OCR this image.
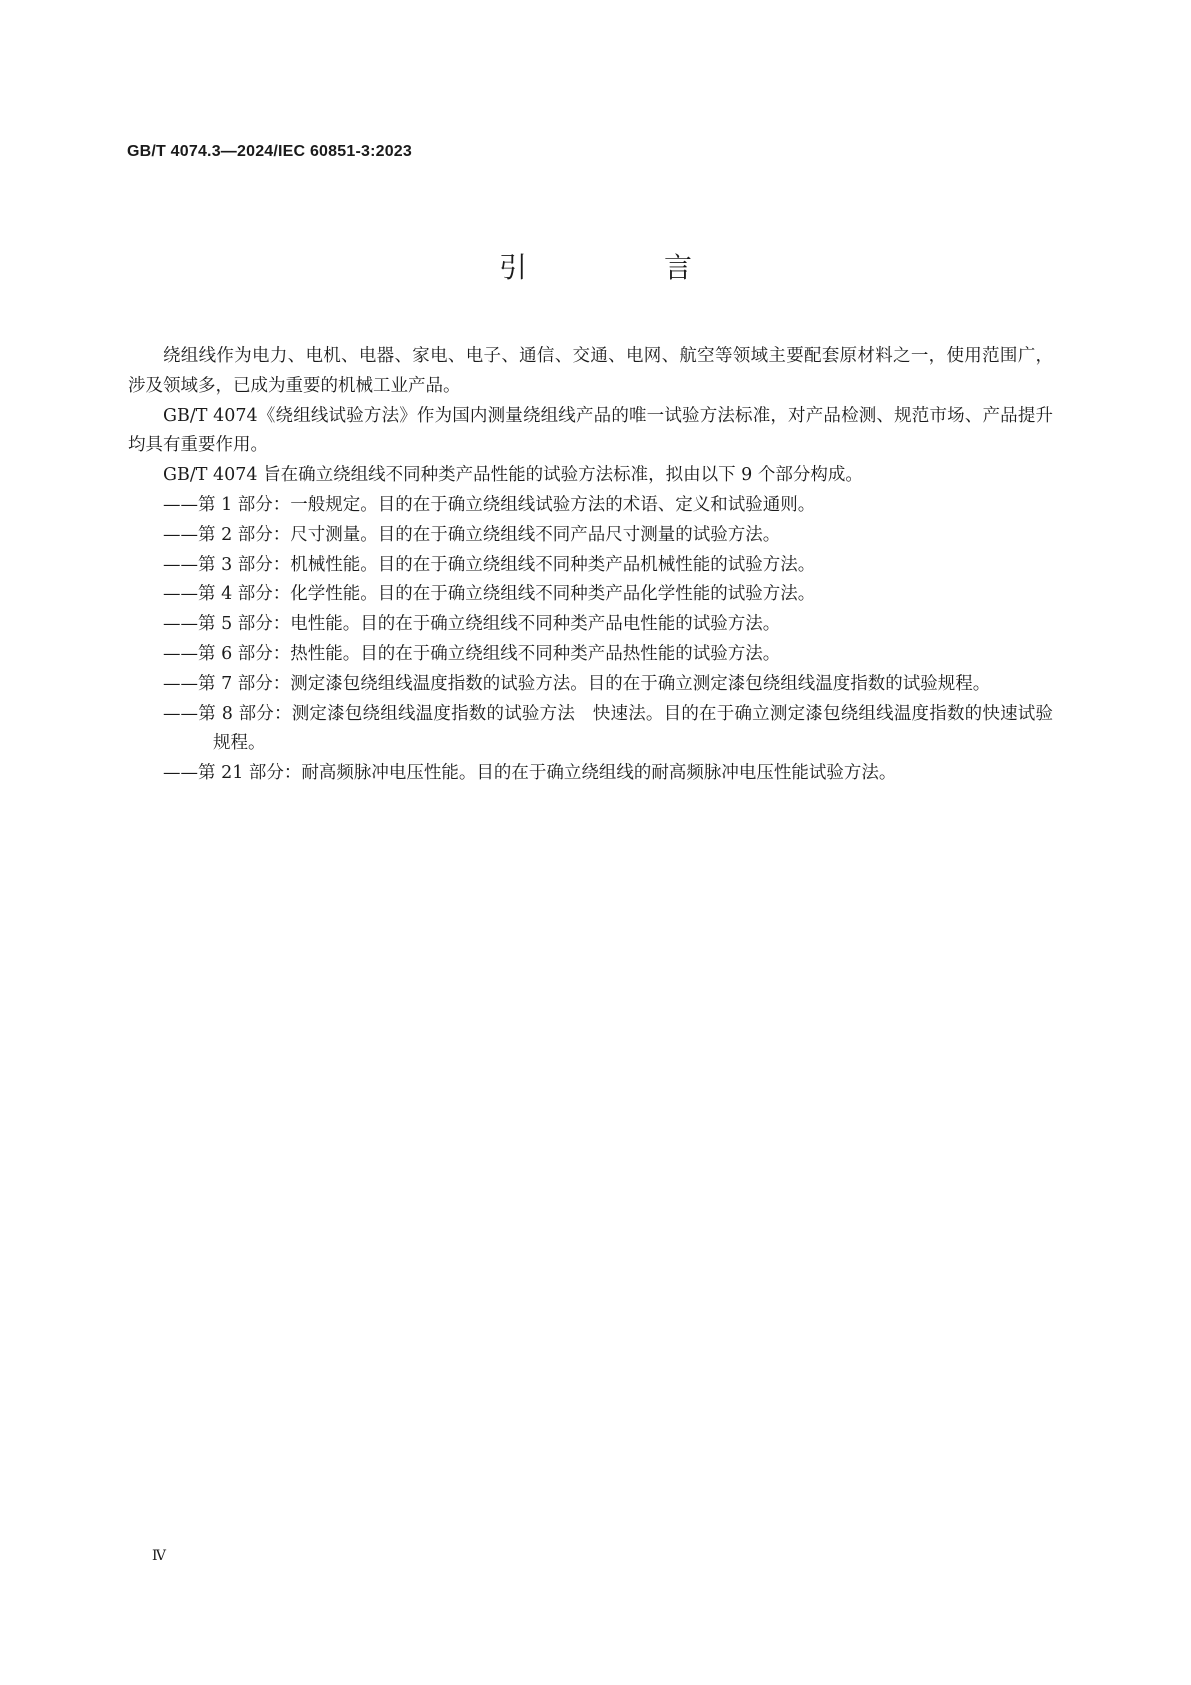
GB/T 4074.3—2024/IEC 60851-3:2023
引 言

绕组线作为电力、电机、电器、家电、电子、通信、交通、电网、航空等领域主要配套原材料之一，使用范围广，涉及领域多，已成为重要的机械工业产品。

GB/T 4074《绕组线试验方法》作为国内测量绕组线产品的唯一试验方法标准，对产品检测、规范市场、产品提升均具有重要作用。

GB/T 4074 旨在确立绕组线不同种类产品性能的试验方法标准，拟由以下 9 个部分构成。

——第 1 部分：一般规定。目的在于确立绕组线试验方法的术语、定义和试验通则。

——第 2 部分：尺寸测量。目的在于确立绕组线不同产品尺寸测量的试验方法。

——第 3 部分：机械性能。目的在于确立绕组线不同种类产品机械性能的试验方法。

——第 4 部分：化学性能。目的在于确立绕组线不同种类产品化学性能的试验方法。

——第 5 部分：电性能。目的在于确立绕组线不同种类产品电性能的试验方法。

——第 6 部分：热性能。目的在于确立绕组线不同种类产品热性能的试验方法。

——第 7 部分：测定漆包绕组线温度指数的试验方法。目的在于确立测定漆包绕组线温度指数的试验规程。

——第 8 部分：测定漆包绕组线温度指数的试验方法　快速法。目的在于确立测定漆包绕组线温度指数的快速试验规程。

——第 21 部分：耐高频脉冲电压性能。目的在于确立绕组线的耐高频脉冲电压性能试验方法。

Ⅳ
